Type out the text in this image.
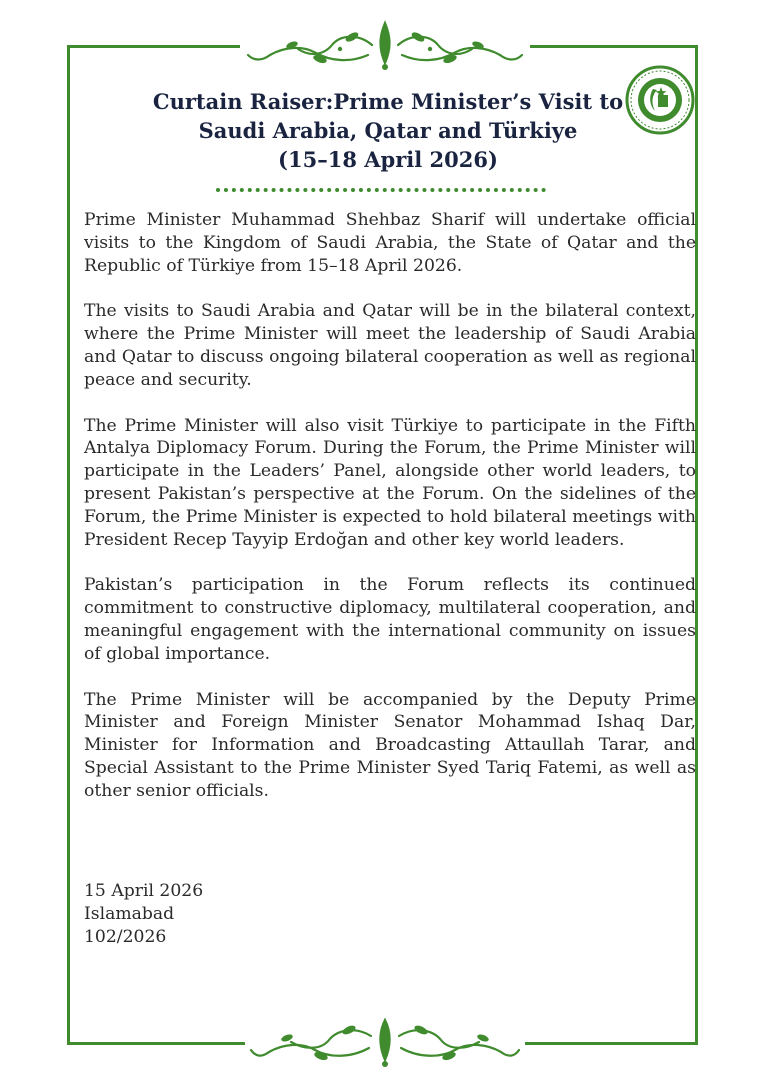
Curtain Raiser:Prime Minister’s Visit to
Saudi Arabia, Qatar and Türkiye
(15–18 April 2026)

Prime Minister Muhammad Shehbaz Sharif will undertake official visits to the Kingdom of Saudi Arabia, the State of Qatar and the Republic of Türkiye from 15–18 April 2026.

The visits to Saudi Arabia and Qatar will be in the bilateral context, where the Prime Minister will meet the leadership of Saudi Arabia and Qatar to discuss ongoing bilateral cooperation as well as regional peace and security.

The Prime Minister will also visit Türkiye to participate in the Fifth Antalya Diplomacy Forum. During the Forum, the Prime Minister will participate in the Leaders’ Panel, alongside other world leaders, to present Pakistan’s perspective at the Forum. On the sidelines of the Forum, the Prime Minister is expected to hold bilateral meetings with President Recep Tayyip Erdoğan and other key world leaders.

Pakistan’s participation in the Forum reflects its continued commitment to constructive diplomacy, multilateral cooperation, and meaningful engagement with the international community on issues of global importance.

The Prime Minister will be accompanied by the Deputy Prime Minister and Foreign Minister Senator Mohammad Ishaq Dar, Minister for Information and Broadcasting Attaullah Tarar, and Special Assistant to the Prime Minister Syed Tariq Fatemi, as well as other senior officials.

15 April 2026
Islamabad
102/2026
